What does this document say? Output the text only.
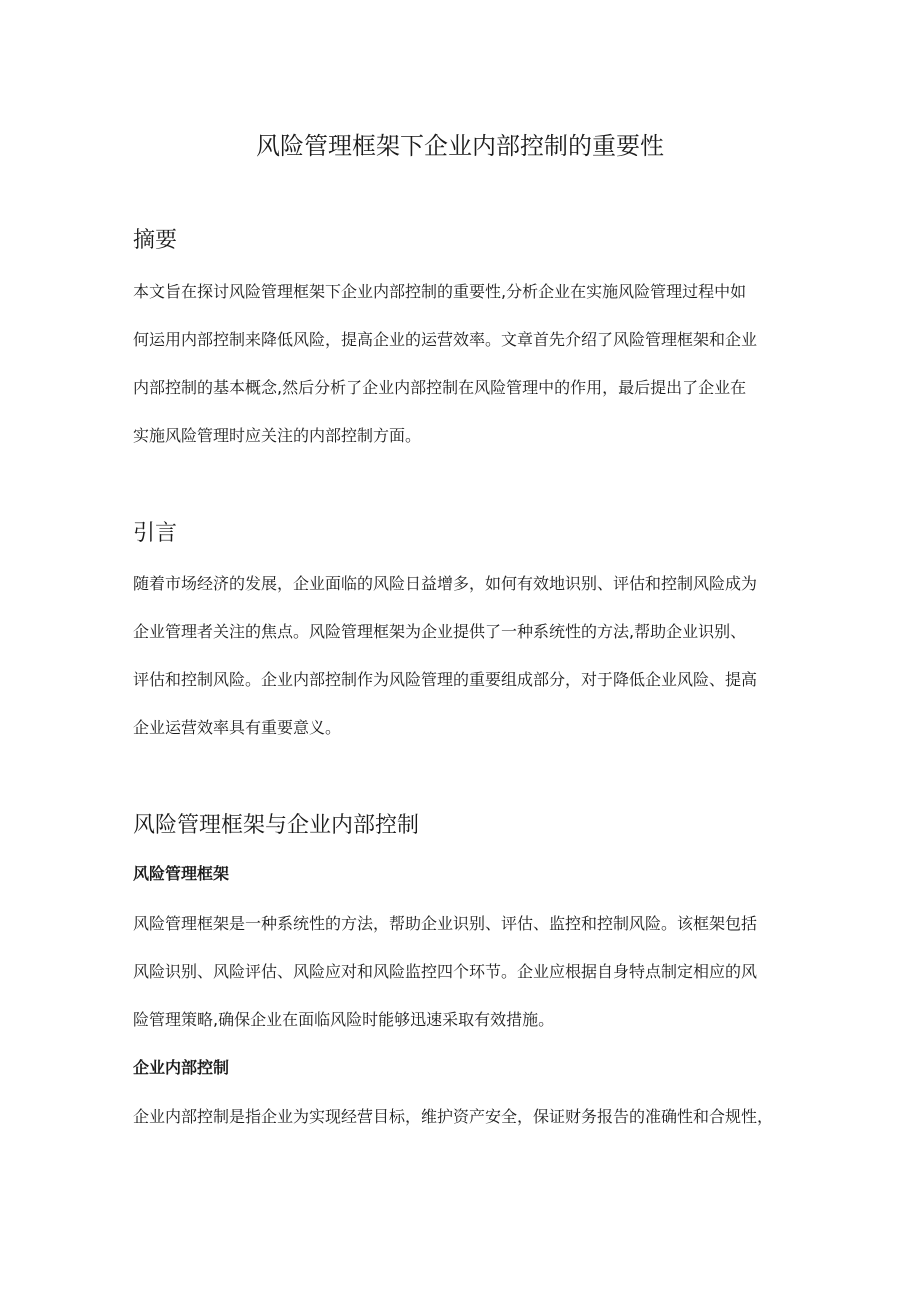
风险管理框架下企业内部控制的重要性
摘要
本文旨在探讨风险管理框架下企业内部控制的重要性,分析企业在实施风险管理过程中如
何运用内部控制来降低风险，提高企业的运营效率。文章首先介绍了风险管理框架和企业
内部控制的基本概念,然后分析了企业内部控制在风险管理中的作用，最后提出了企业在
实施风险管理时应关注的内部控制方面。
引言
随着市场经济的发展，企业面临的风险日益增多，如何有效地识别、评估和控制风险成为
企业管理者关注的焦点。风险管理框架为企业提供了一种系统性的方法,帮助企业识别、
评估和控制风险。企业内部控制作为风险管理的重要组成部分，对于降低企业风险、提高
企业运营效率具有重要意义。
风险管理框架与企业内部控制
风险管理框架
风险管理框架是一种系统性的方法，帮助企业识别、评估、监控和控制风险。该框架包括
风险识别、风险评估、风险应对和风险监控四个环节。企业应根据自身特点制定相应的风
险管理策略,确保企业在面临风险时能够迅速采取有效措施。
企业内部控制
企业内部控制是指企业为实现经营目标，维护资产安全，保证财务报告的准确性和合规性，
